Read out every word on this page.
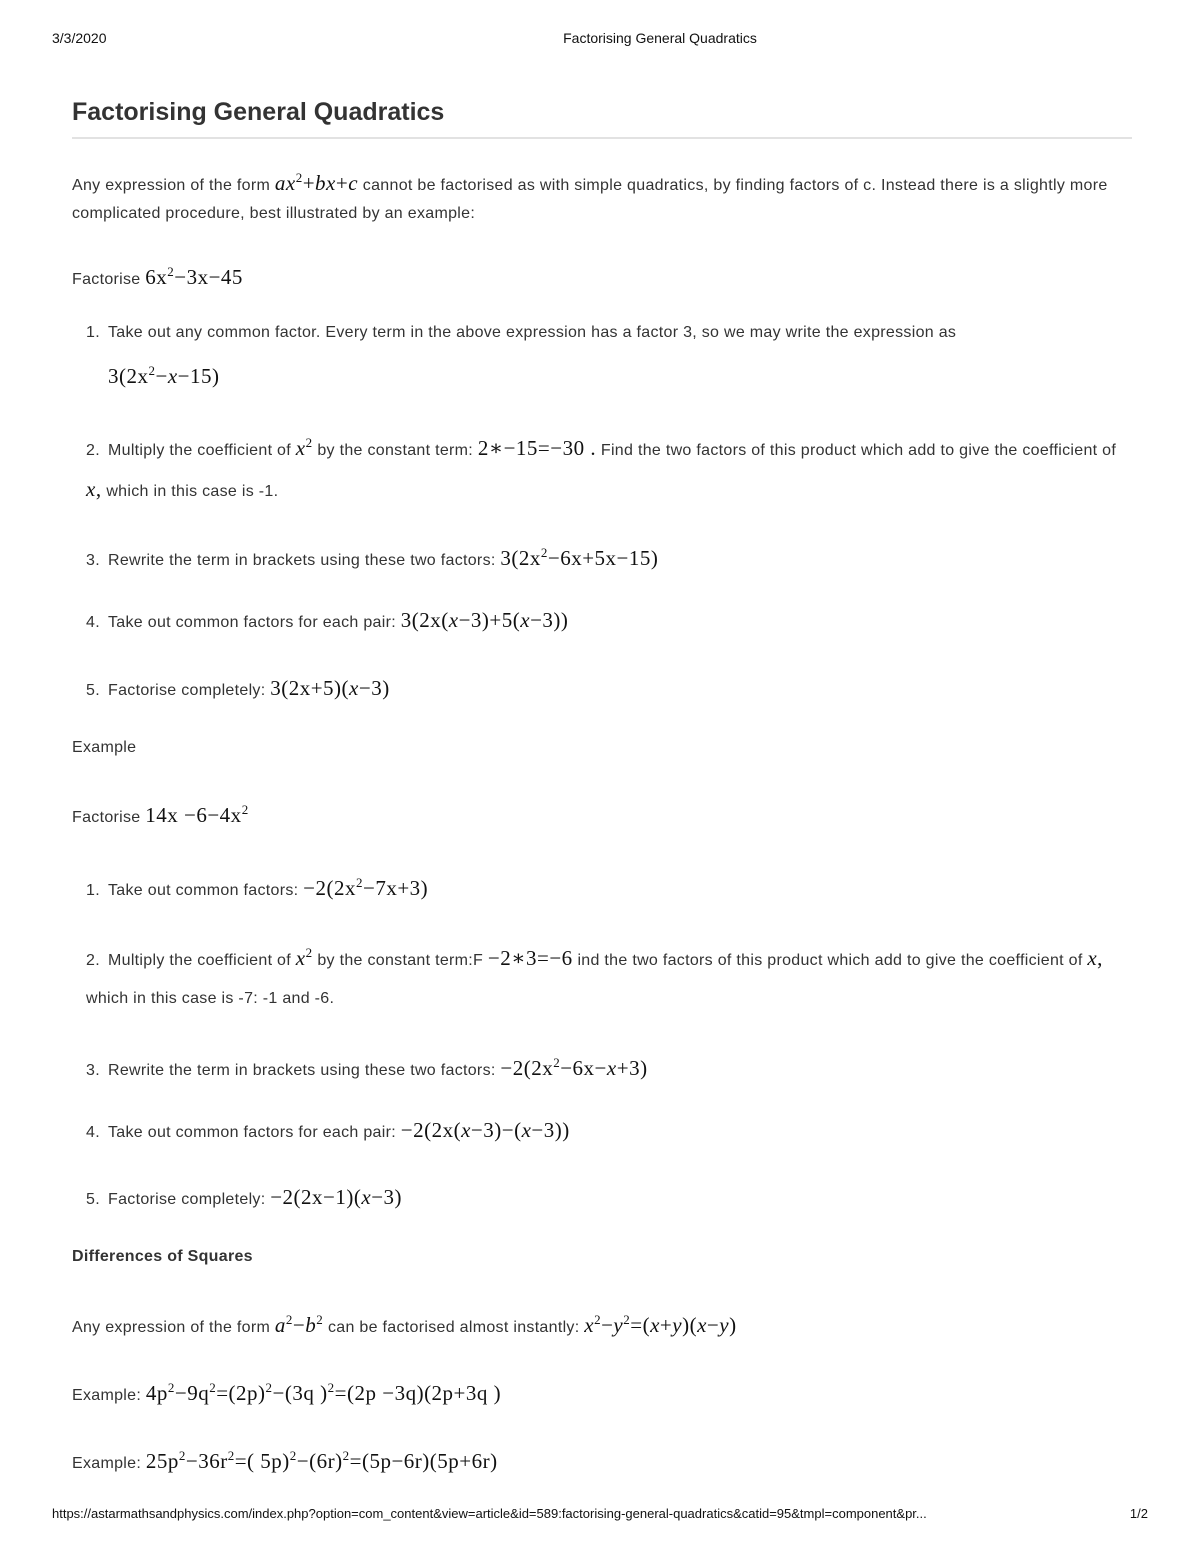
3/3/2020	Factorising General Quadratics
Factorising General Quadratics
Any expression of the form $ax^2+bx+c$ cannot be factorised as with simple quadratics, by finding factors of c. Instead there is a slightly more complicated procedure, best illustrated by an example:
Factorise $6x^2-3x-45$
1. Take out any common factor. Every term in the above expression has a factor 3, so we may write the expression as
$3(2x^2-x-15)$
2. Multiply the coefficient of $x^2$ by the constant term: 2∗−15=−30 . Find the two factors of this product which add to give the coefficient of x, which in this case is -1.
3. Rewrite the term in brackets using these two factors: $3(2x^2-6x+5x-15)$
4. Take out common factors for each pair: 3(2x(x−3)+5(x−3))
5. Factorise completely: 3(2x+5)(x−3)
Example
Factorise $14x -6-4x^2$
1. Take out common factors: $-2(2x^2-7x+3)$
2. Multiply the coefficient of $x^2$ by the constant term:F −2∗3=−6 ind the two factors of this product which add to give the coefficient of x, which in this case is -7: -1 and -6.
3. Rewrite the term in brackets using these two factors: $-2(2x^2-6x-x+3)$
4. Take out common factors for each pair: −2(2x(x−3)−(x−3))
5. Factorise completely: −2(2x−1)(x−3)
Differences of Squares
Any expression of the form $a^2-b^2$ can be factorised almost instantly: $x^2-y^2=(x+y)(x-y)$
Example: $4p^2-9q^2=(2p)^2-(3q$ )$^2$=(2p −3q)(2p+3q )
Example: $25p^2-36r^2=$( $5p)^2-(6r)^2=(5p-6r)(5p+6r)$
https://astarmathsandphysics.com/index.php?option=com_content&view=article&id=589:factorising-general-quadratics&catid=95&tmpl=component&pr...	1/2
